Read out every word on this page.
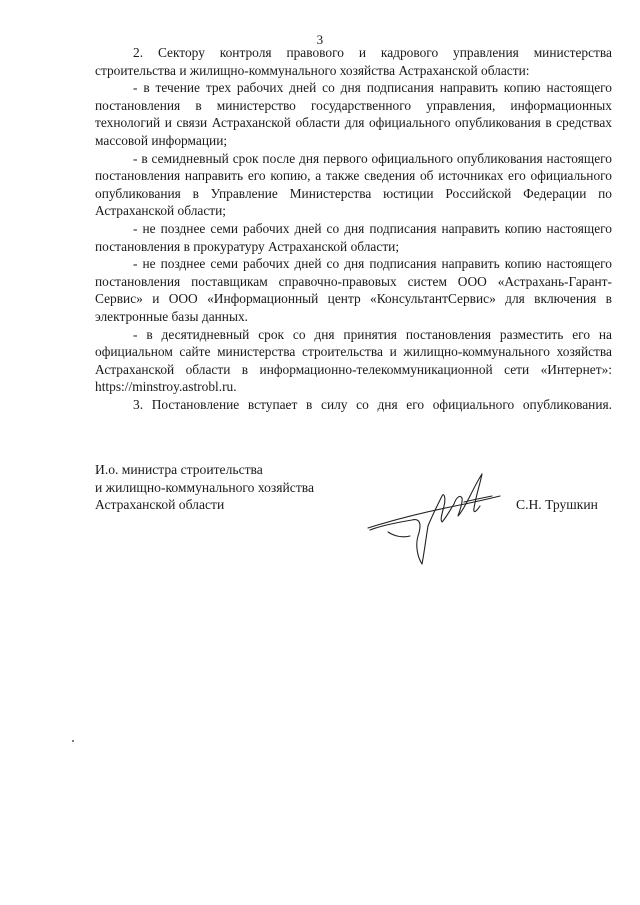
3

2. Сектору контроля правового и кадрового управления министерства строительства и жилищно-коммунального хозяйства Астраханской области:

- в течение трех рабочих дней со дня подписания направить копию настоящего постановления в министерство государственного управления, информационных технологий и связи Астраханской области для официального опубликования в средствах массовой информации;

- в семидневный срок после дня первого официального опубликования настоящего постановления направить его копию, а также сведения об источниках его официального опубликования в Управление Министерства юстиции Российской Федерации по Астраханской области;

- не позднее семи рабочих дней со дня подписания направить копию настоящего постановления в прокуратуру Астраханской области;

- не позднее семи рабочих дней со дня подписания направить копию настоящего постановления поставщикам справочно-правовых систем ООО «Астрахань-Гарант-Сервис» и ООО «Информационный центр «КонсультантСервис» для включения в электронные базы данных.

- в десятидневный срок со дня принятия постановления разместить его на официальном сайте министерства строительства и жилищно-коммунального хозяйства Астраханской области в информационно-телекоммуникационной сети «Интернет»: https://minstroy.astrobl.ru.

3. Постановление вступает в силу со дня его официального опубликования.

И.о. министра строительства
и жилищно-коммунального хозяйства
Астраханской области	С.Н. Трушкин
